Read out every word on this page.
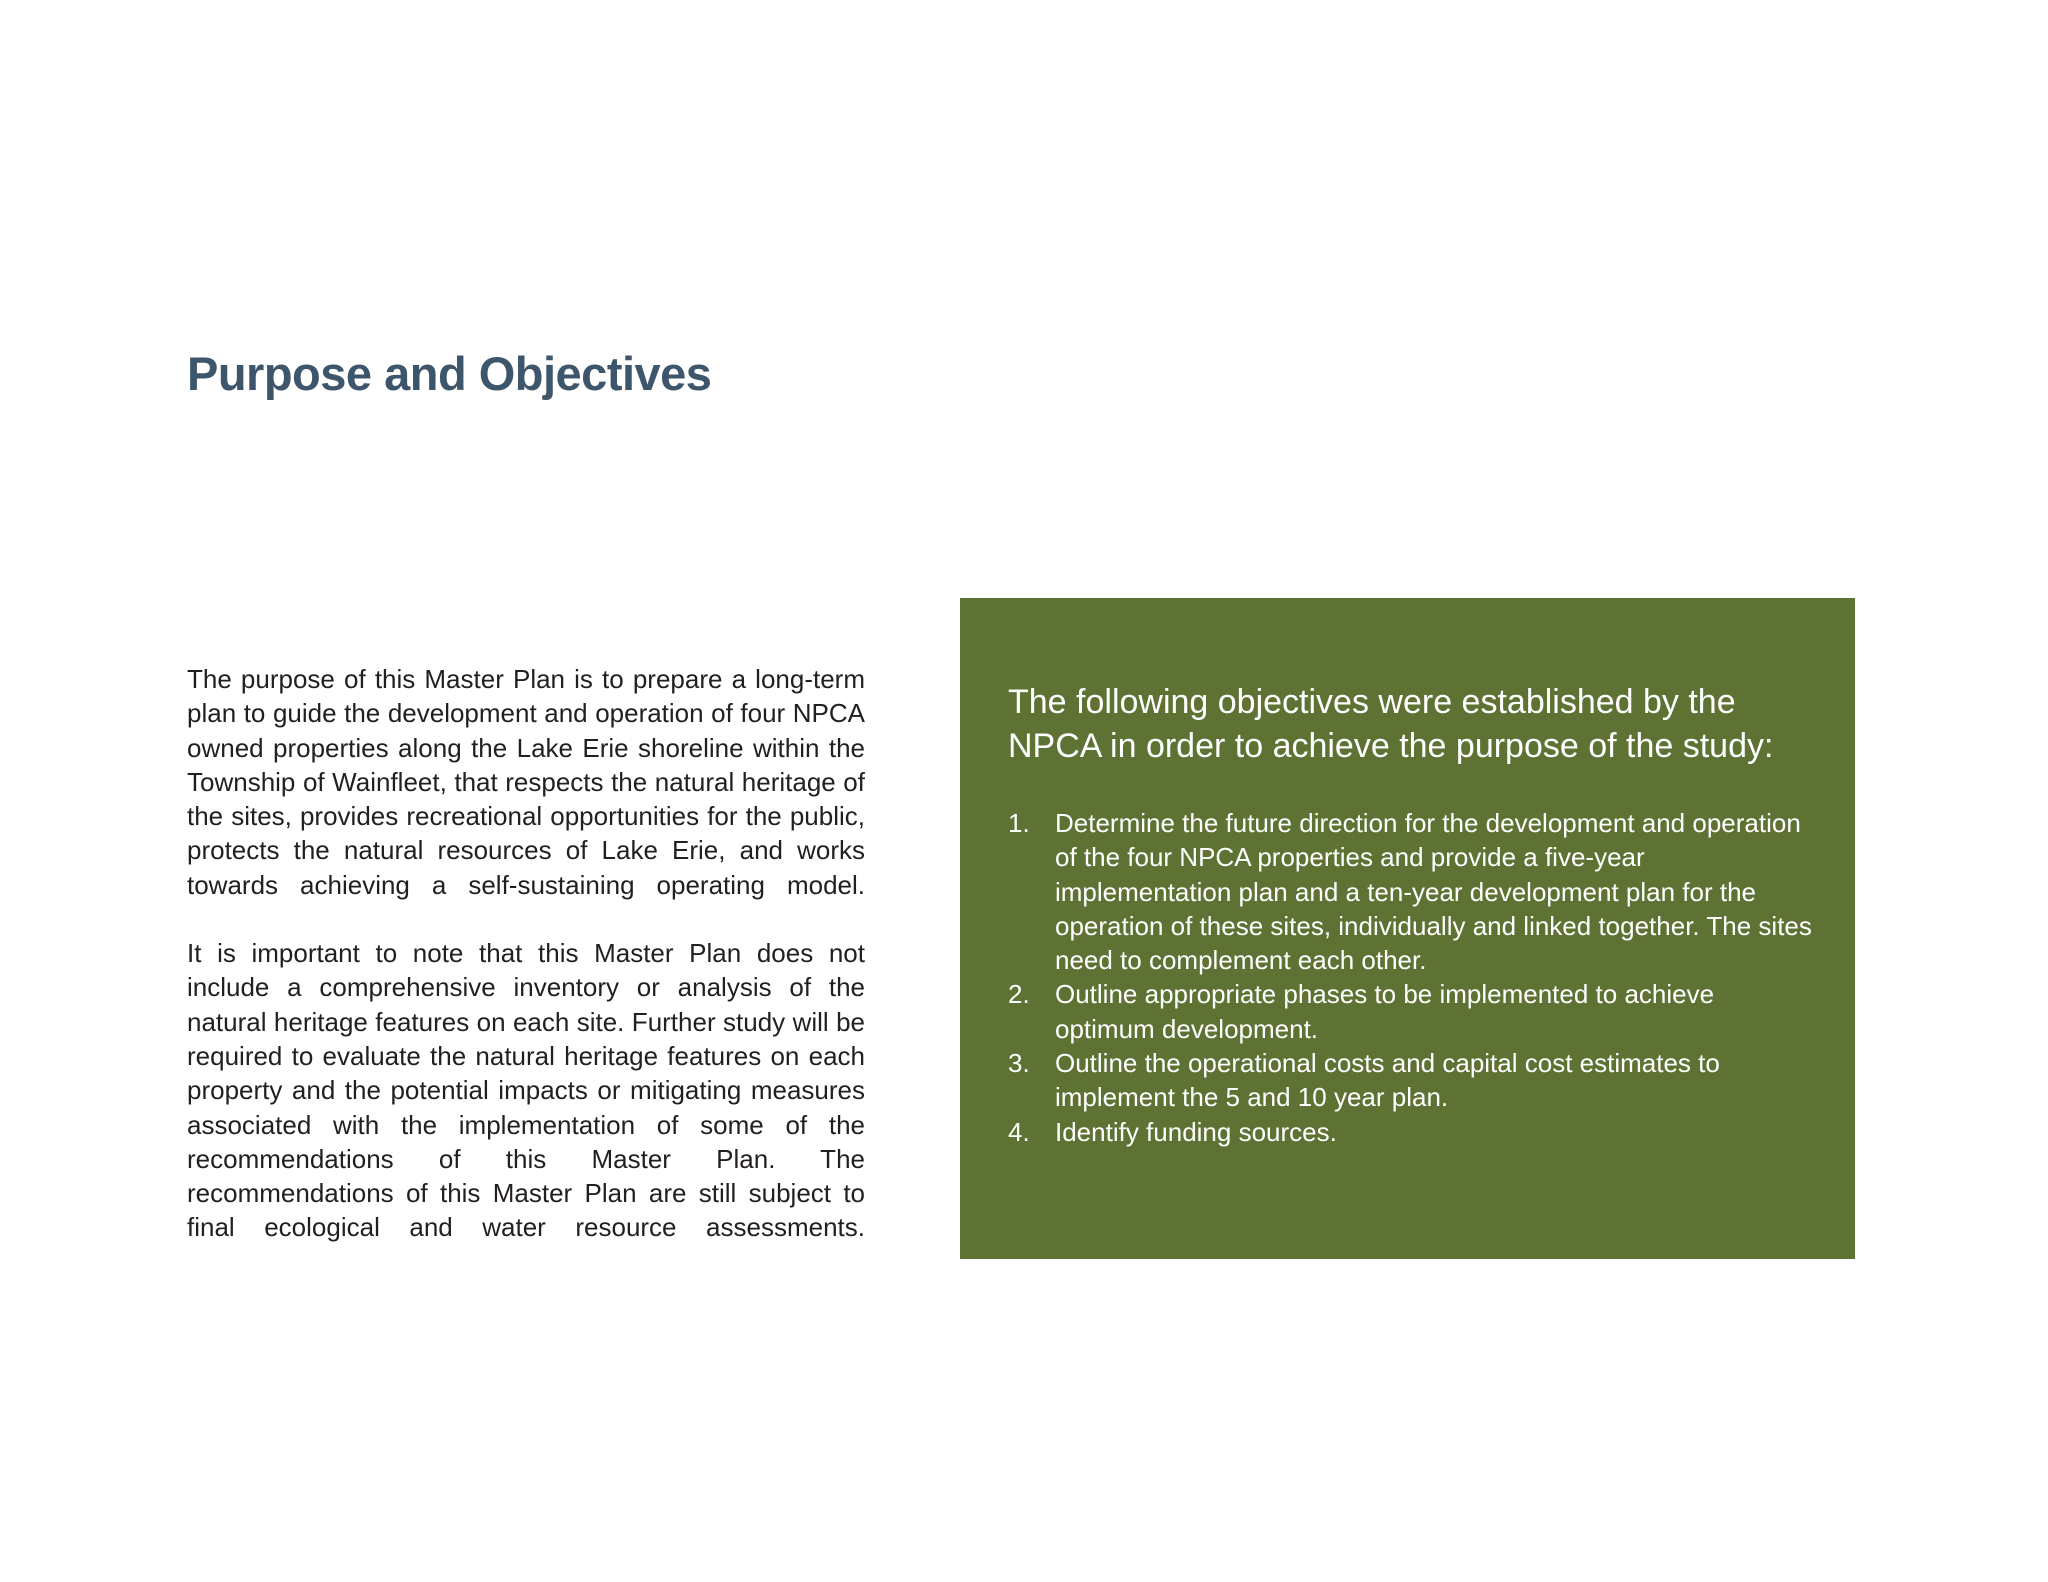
Purpose and Objectives

The purpose of this Master Plan is to prepare a long-term plan to guide the development and operation of four NPCA owned properties along the Lake Erie shoreline within the Township of Wainfleet, that respects the natural heritage of the sites, provides recreational opportunities for the public, protects the natural resources of Lake Erie, and works towards achieving a self-sustaining operating model.

It is important to note that this Master Plan does not include a comprehensive inventory or analysis of the natural heritage features on each site. Further study will be required to evaluate the natural heritage features on each property and the potential impacts or mitigating measures associated with the implementation of some of the recommendations of this Master Plan. The recommendations of this Master Plan are still subject to final ecological and water resource assessments.

The following objectives were established by the NPCA in order to achieve the purpose of the study:
1. Determine the future direction for the development and operation of the four NPCA properties and provide a five-year implementation plan and a ten-year development plan for the operation of these sites, individually and linked together. The sites need to complement each other.
2. Outline appropriate phases to be implemented to achieve optimum development.
3. Outline the operational costs and capital cost estimates to implement the 5 and 10 year plan.
4. Identify funding sources.
